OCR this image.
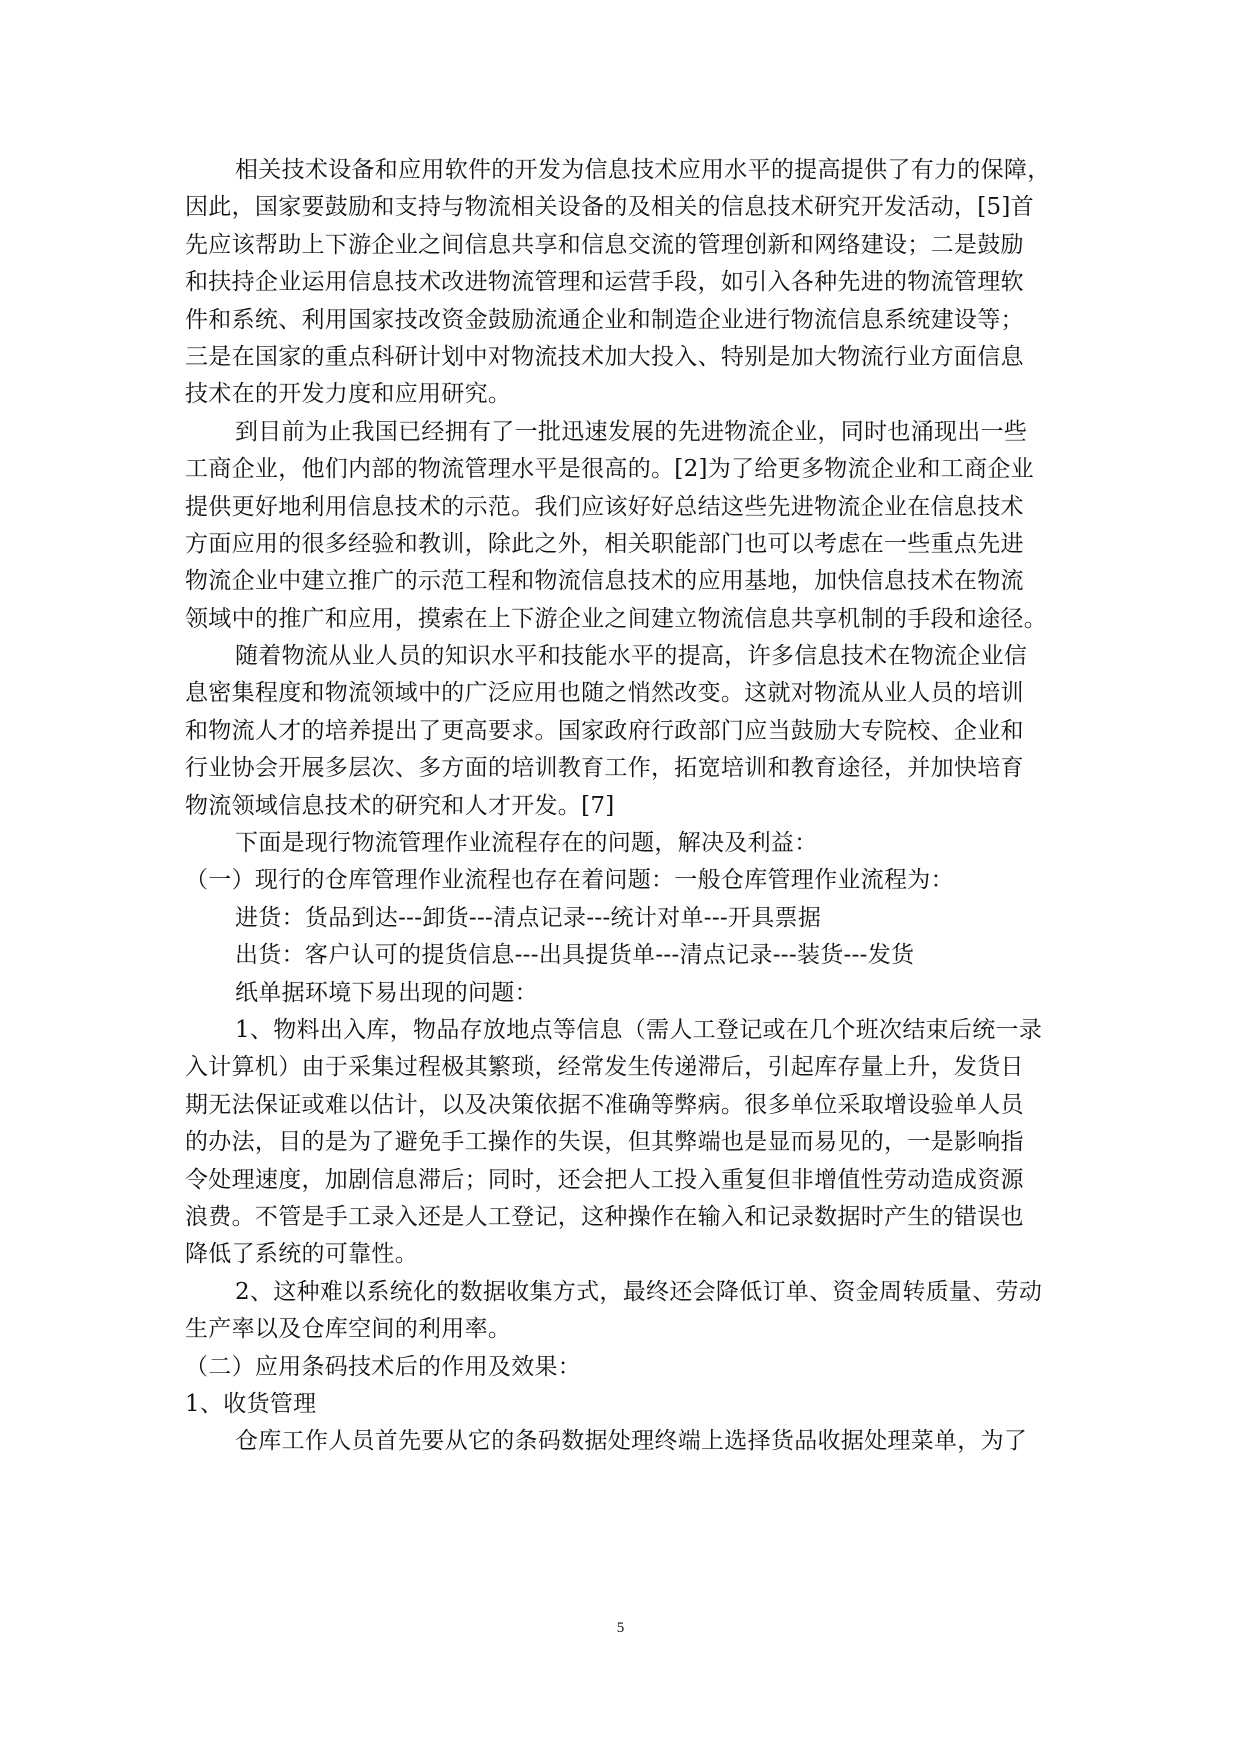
相关技术设备和应用软件的开发为信息技术应用水平的提高提供了有力的保障，
因此，国家要鼓励和支持与物流相关设备的及相关的信息技术研究开发活动，[5]首
先应该帮助上下游企业之间信息共享和信息交流的管理创新和网络建设；二是鼓励
和扶持企业运用信息技术改进物流管理和运营手段，如引入各种先进的物流管理软
件和系统、利用国家技改资金鼓励流通企业和制造企业进行物流信息系统建设等；
三是在国家的重点科研计划中对物流技术加大投入、特别是加大物流行业方面信息
技术在的开发力度和应用研究。
到目前为止我国已经拥有了一批迅速发展的先进物流企业，同时也涌现出一些
工商企业，他们内部的物流管理水平是很高的。[2]为了给更多物流企业和工商企业
提供更好地利用信息技术的示范。我们应该好好总结这些先进物流企业在信息技术
方面应用的很多经验和教训，除此之外，相关职能部门也可以考虑在一些重点先进
物流企业中建立推广的示范工程和物流信息技术的应用基地，加快信息技术在物流
领域中的推广和应用，摸索在上下游企业之间建立物流信息共享机制的手段和途径。
随着物流从业人员的知识水平和技能水平的提高，许多信息技术在物流企业信
息密集程度和物流领域中的广泛应用也随之悄然改变。这就对物流从业人员的培训
和物流人才的培养提出了更高要求。国家政府行政部门应当鼓励大专院校、企业和
行业协会开展多层次、多方面的培训教育工作，拓宽培训和教育途径，并加快培育
物流领域信息技术的研究和人才开发。[7]
下面是现行物流管理作业流程存在的问题，解决及利益：
（一）现行的仓库管理作业流程也存在着问题：一般仓库管理作业流程为：
进货：货品到达---卸货---清点记录---统计对单---开具票据
出货：客户认可的提货信息---出具提货单---清点记录---装货---发货
纸单据环境下易出现的问题：
1、物料出入库，物品存放地点等信息（需人工登记或在几个班次结束后统一录
入计算机）由于采集过程极其繁琐，经常发生传递滞后，引起库存量上升，发货日
期无法保证或难以估计，以及决策依据不准确等弊病。很多单位采取增设验单人员
的办法，目的是为了避免手工操作的失误，但其弊端也是显而易见的，一是影响指
令处理速度，加剧信息滞后；同时，还会把人工投入重复但非增值性劳动造成资源
浪费。不管是手工录入还是人工登记，这种操作在输入和记录数据时产生的错误也
降低了系统的可靠性。
2、这种难以系统化的数据收集方式，最终还会降低订单、资金周转质量、劳动
生产率以及仓库空间的利用率。
（二）应用条码技术后的作用及效果：
1、收货管理
仓库工作人员首先要从它的条码数据处理终端上选择货品收据处理菜单，为了
5
